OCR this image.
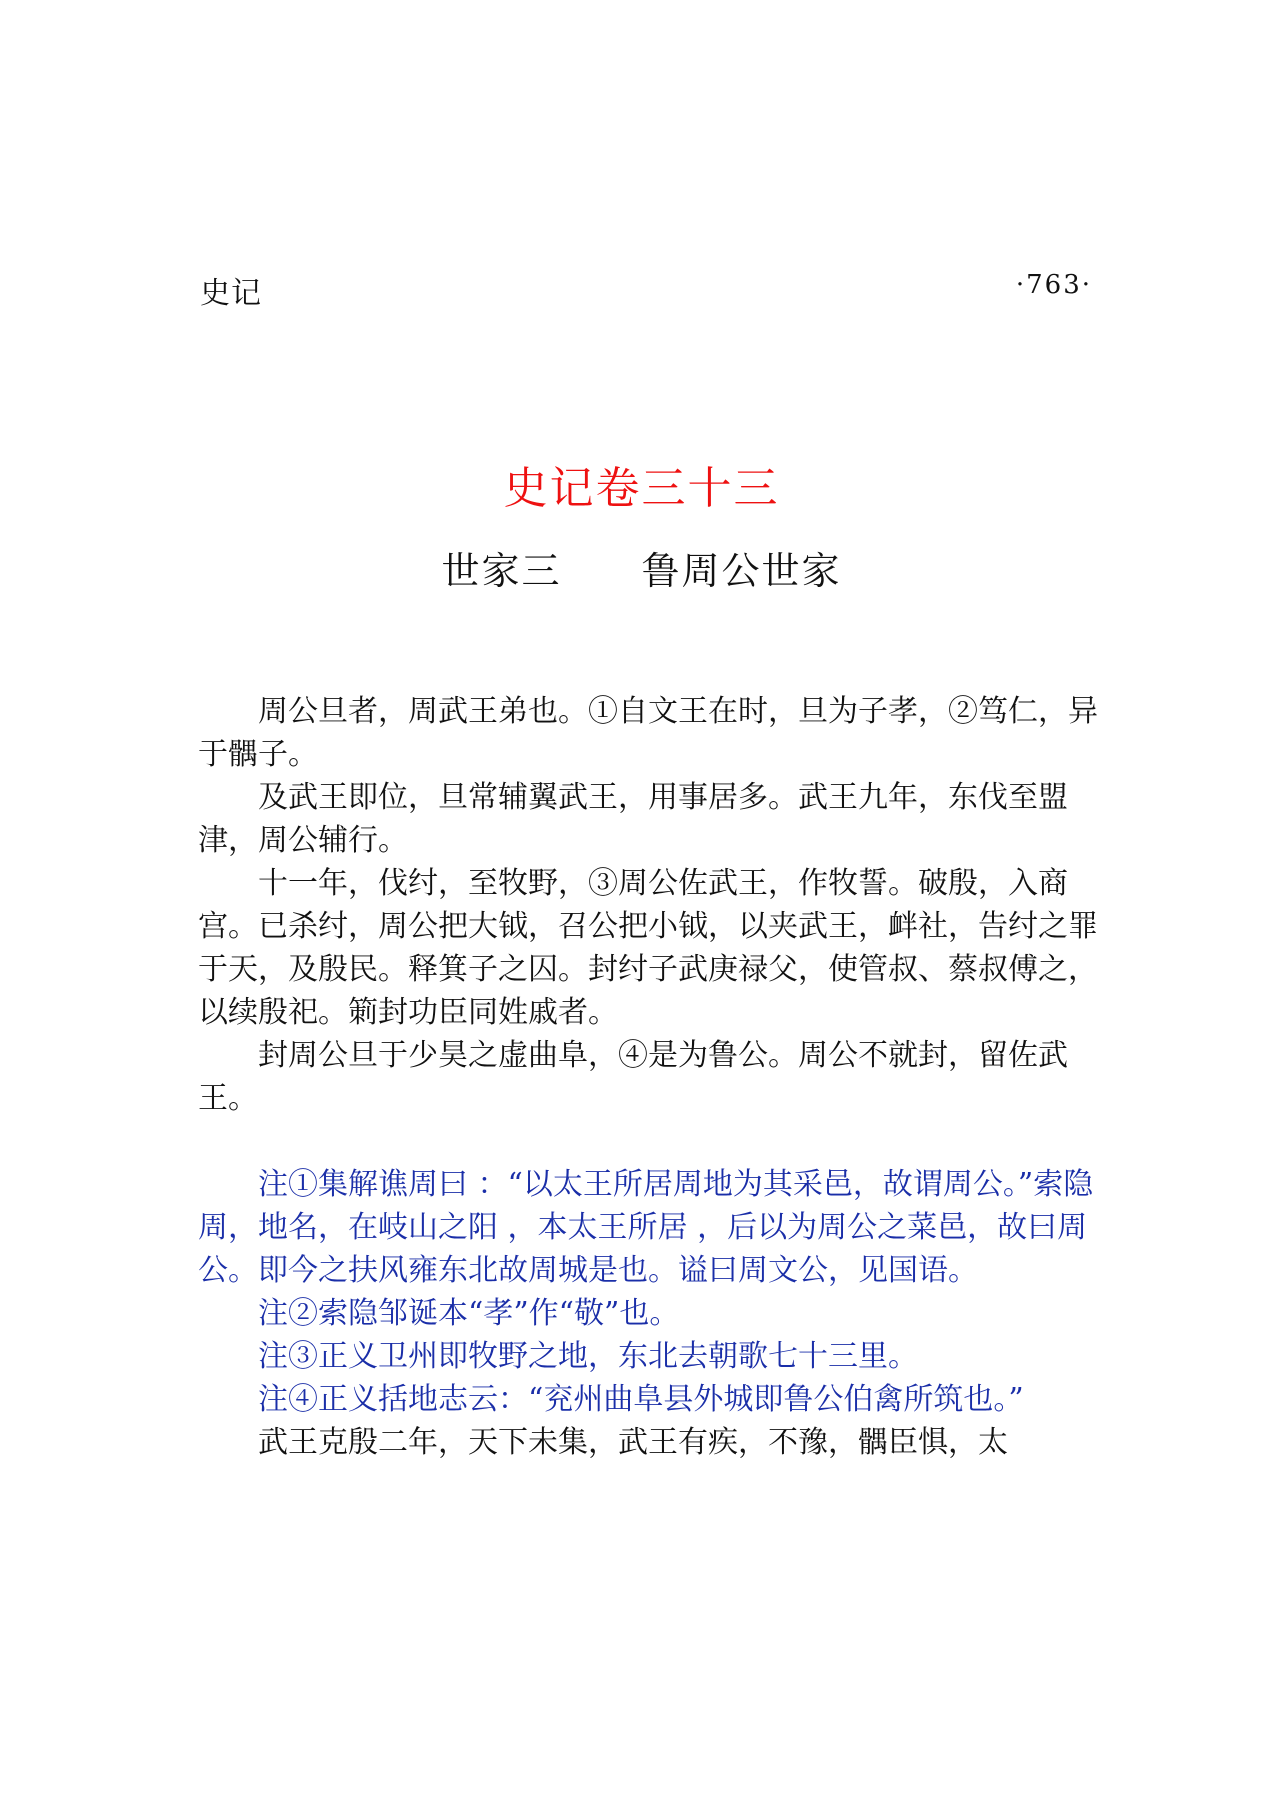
史记	·763·
史记卷三十三
世家三 鲁周公世家

周公旦者，周武王弟也。①自文王在时，旦为子孝，②笃仁，异于髃子。

及武王即位，旦常辅翼武王，用事居多。武王九年，东伐至盟津，周公辅行。

十一年，伐纣，至牧野，③周公佐武王，作牧誓。破殷，入商宫。已杀纣，周公把大钺，召公把小钺，以夹武王，衅社，告纣之罪于天，及殷民。释箕子之囚。封纣子武庚禄父，使管叔、蔡叔傅之，以续殷祀。箣封功臣同姓戚者。

封周公旦于少昊之虚曲阜，④是为鲁公。周公不就封，留佐武王。

注①集解谯周曰 ：“以太王所居周地为其采邑，故谓周公。”索隐周，地名，在岐山之阳 ，本太王所居 ，后以为周公之菜邑，故曰周公。即今之扶风雍东北故周城是也。谥曰周文公，见国语。

注②索隐邹诞本“孝”作“敬”也。

注③正义卫州即牧野之地，东北去朝歌七十三里。

注④正义括地志云：“兖州曲阜县外城即鲁公伯禽所筑也。”

武王克殷二年，天下未集，武王有疾，不豫，髃臣惧，太
